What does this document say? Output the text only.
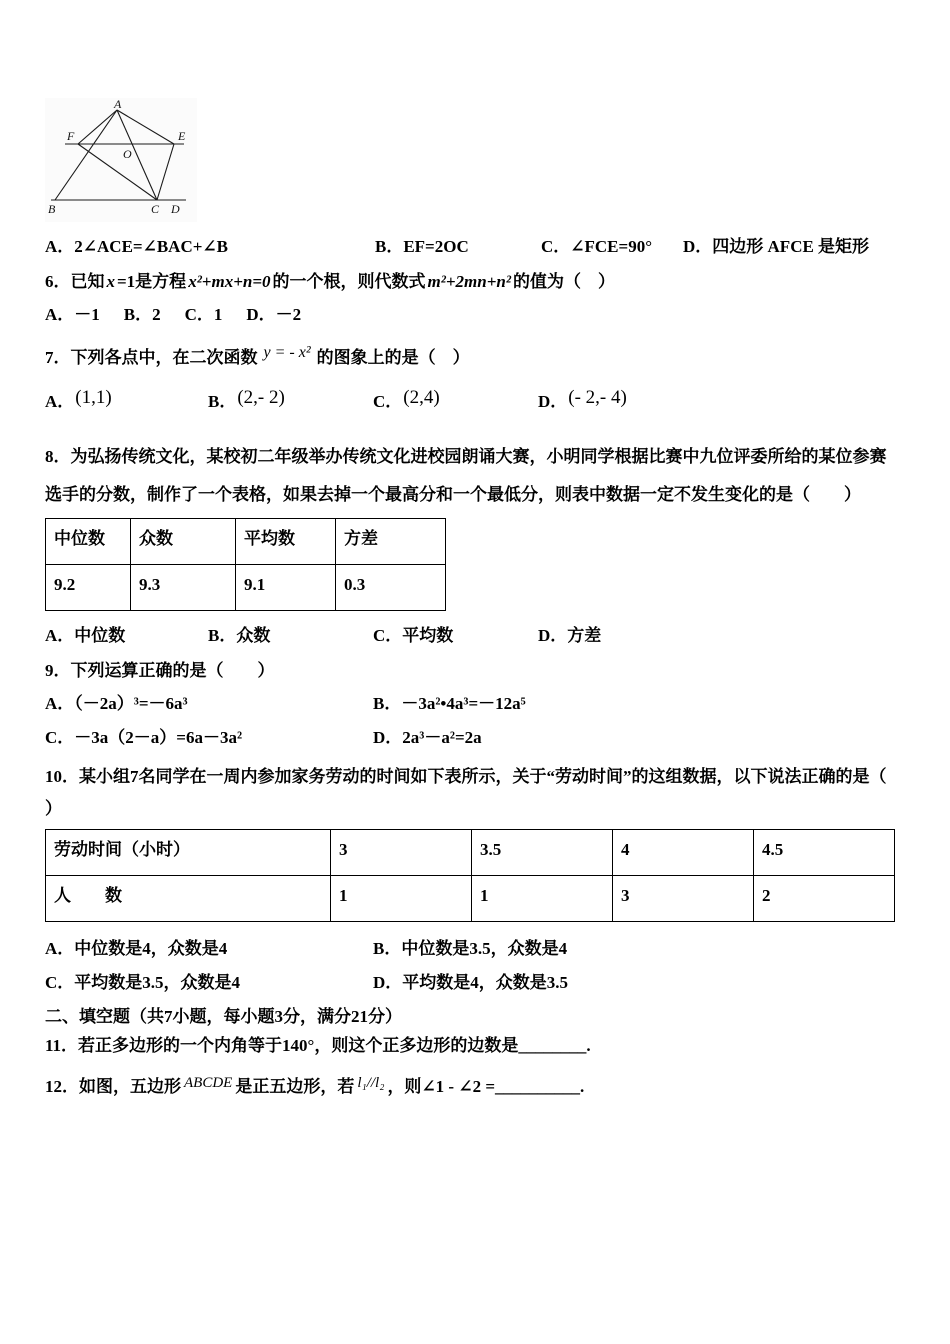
A
F	E
O
B	C D
A．2∠ACE=∠BAC+∠B	B．EF=2OC	C．∠FCE=90°	D．四边形 AFCE 是矩形
6．已知 x =1是方程 x²+mx+n=0 的一个根，则代数式 m²+2mn+n² 的值为（　）
A．－1 B．2 C．1 D．－2
7．下列各点中，在二次函数 y = - x² 的图象上的是（　）
A．(1,1)	B．(2,- 2)	C．(2,4)	D．(- 2,- 4)
8．为弘扬传统文化，某校初二年级举办传统文化进校园朗诵大赛，小明同学根据比赛中九位评委所给的某位参赛选手的分数，制作了一个表格，如果去掉一个最高分和一个最低分，则表中数据一定不发生变化的是（　　）
中位数	众数	平均数	方差
9.2	9.3	9.1	0.3
A．中位数	B．众数	C．平均数	D．方差
9．下列运算正确的是（　　）
A．（－2a）³=－6a³	B．－3a²•4a³=－12a⁵
C．－3a（2－a）=6a－3a²	D．2a³－a²=2a
10．某小组7名同学在一周内参加家务劳动的时间如下表所示，关于“劳动时间”的这组数据，以下说法正确的是（
）
劳动时间（小时）	3	3.5	4	4.5
人　　数	1	1	3	2
A．中位数是4，众数是4	B．中位数是3.5，众数是4
C．平均数是3.5，众数是4	D．平均数是4，众数是3.5
二、填空题（共7小题，每小题3分，满分21分）
11．若正多边形的一个内角等于140°，则这个正多边形的边数是________.
12．如图，五边形 ABCDE 是正五边形，若 l₁//l₂ ，则∠1 - ∠2 =__________.
